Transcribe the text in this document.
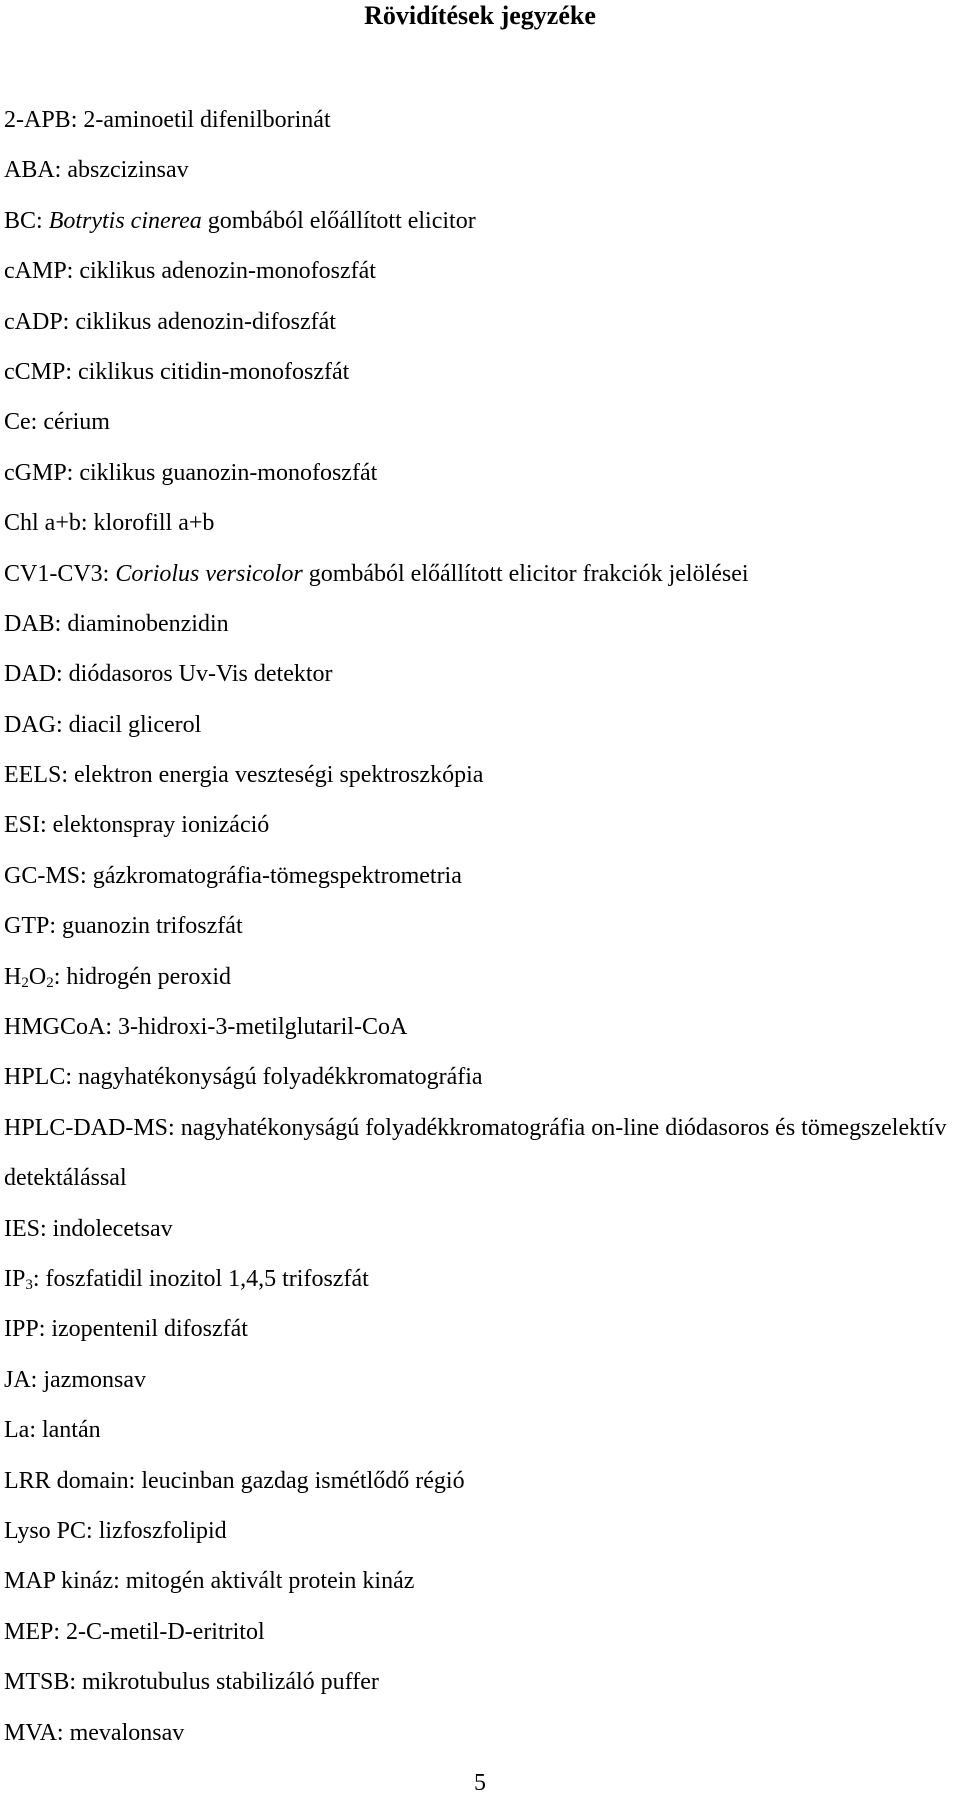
Rövidítések jegyzéke
2-APB: 2-aminoetil difenilborinát
ABA: abszcizinsav
BC: Botrytis cinerea gombából előállított elicitor
cAMP: ciklikus adenozin-monofoszfát
cADP: ciklikus adenozin-difoszfát
cCMP: ciklikus citidin-monofoszfát
Ce: cérium
cGMP: ciklikus guanozin-monofoszfát
Chl a+b: klorofill a+b
CV1-CV3: Coriolus versicolor gombából előállított elicitor frakciók jelölései
DAB: diaminobenzidin
DAD: diódasoros Uv-Vis detektor
DAG: diacil glicerol
EELS: elektron energia veszteségi spektroszkópia
ESI: elektonspray ionizáció
GC-MS: gázkromatográfia-tömegspektrometria
GTP: guanozin trifoszfát
$H_2O_2$: hidrogén peroxid
HMGCoA: 3-hidroxi-3-metilglutaril-CoA
HPLC: nagyhatékonyságú folyadékkromatográfia
HPLC-DAD-MS: nagyhatékonyságú folyadékkromatográfia on-line diódasoros és tömegszelektív detektálással
IES: indolecetsav
$IP_3$: foszfatidil inozitol 1,4,5 trifoszfát
IPP: izopentenil difoszfát
JA: jazmonsav
La: lantán
LRR domain: leucinban gazdag ismétlődő régió
Lyso PC: lizfoszfolipid
MAP kináz: mitogén aktivált protein kináz
MEP: 2-C-metil-D-eritritol
MTSB: mikrotubulus stabilizáló puffer
MVA: mevalonsav
5
